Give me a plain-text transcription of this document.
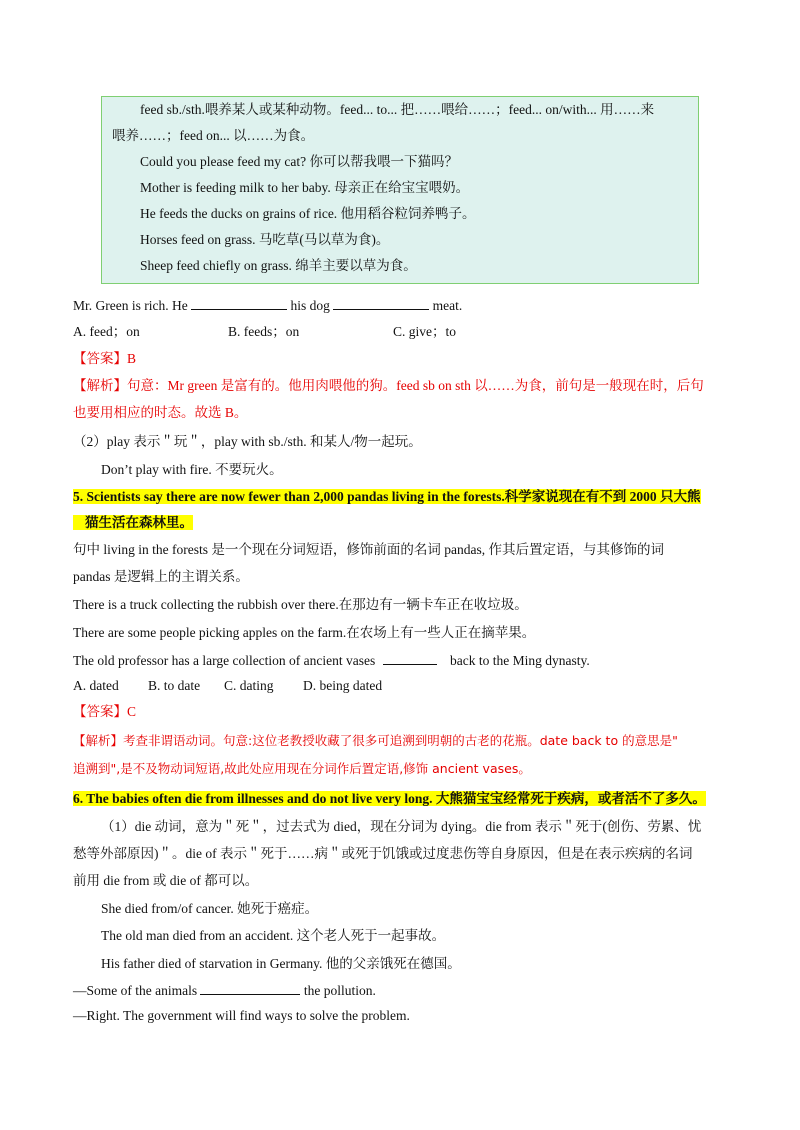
feed sb./sth.喂养某人或某种动物。feed... to... 把……喂给……；feed... on/with... 用……来
喂养……；feed on... 以……为食。
Could you please feed my cat? 你可以帮我喂一下猫吗？
Mother is feeding milk to her baby. 母亲正在给宝宝喂奶。
He feeds the ducks on grains of rice. 他用稻谷粒饲养鸭子。
Horses feed on grass. 马吃草(马以草为食)。
Sheep feed chiefly on grass. 绵羊主要以草为食。
Mr. Green is rich. He	his dog	meat.
A. feed；on	B. feeds；on	C. give；to
【答案】B
【解析】句意：Mr green 是富有的。他用肉喂他的狗。feed sb on sth 以……为食，前句是一般现在时，后句
也要用相应的时态。故选 B。
（2）play 表示＂玩＂，play with sb./sth. 和某人/物一起玩。
Don’t play with fire. 不要玩火。
5. Scientists say there are now fewer than 2,000 pandas living in the forests.科学家说现在有不到 2000 只大熊
猫生活在森林里。
句中 living in the forests 是一个现在分词短语，修饰前面的名词 pandas, 作其后置定语，与其修饰的词
pandas 是逻辑上的主谓关系。
There is a truck collecting the rubbish over there.在那边有一辆卡车正在收垃圾。
There are some people picking apples on the farm.在农场上有一些人正在摘苹果。
The old professor has a large collection of ancient vases	back to the Ming dynasty.
A. dated B. to date C. dating D. being dated
【答案】C
【解析】考查非谓语动词。句意:这位老教授收藏了很多可追溯到明朝的古老的花瓶。date back to 的意思是"
追溯到",是不及物动词短语,故此处应用现在分词作后置定语,修饰 ancient vases。
6. The babies often die from illnesses and do not live very long. 大熊猫宝宝经常死于疾病，或者活不了多久。
（1）die 动词，意为＂死＂，过去式为 died，现在分词为 dying。die from 表示＂死于(创伤、劳累、忧
愁等外部原因)＂。die of 表示＂死于……病＂或死于饥饿或过度悲伤等自身原因，但是在表示疾病的名词
前用 die from 或 die of 都可以。
She died from/of cancer. 她死于癌症。
The old man died from an accident. 这个老人死于一起事故。
His father died of starvation in Germany. 他的父亲饿死在德国。
—Some of the animals	the pollution.
—Right. The government will find ways to solve the problem.
